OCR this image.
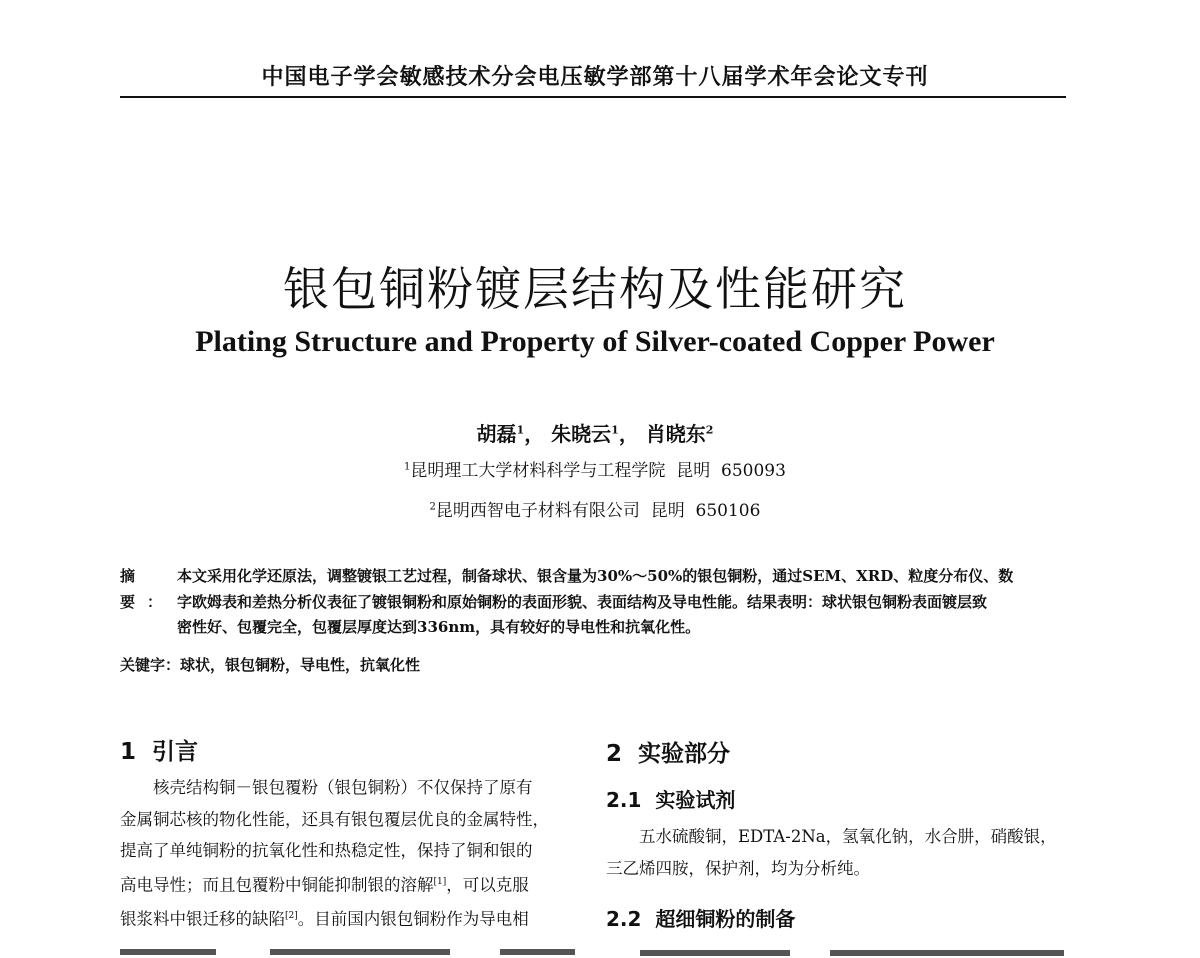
中国电子学会敏感技术分会电压敏学部第十八届学术年会论文专刊
银包铜粉镀层结构及性能研究
Plating Structure and Property of Silver-coated Copper Power
胡磊$^1$， 朱晓云$^1$， 肖晓东$^2$
$^1$昆明理工大学材料科学与工程学院  昆明  650093
$^2$昆明西智电子材料有限公司  昆明  650106
摘 要：
本文采用化学还原法，调整镀银工艺过程，制备球状、银含量为30%～50%的银包铜粉，通过SEM、XRD、粒度分布仪、数
字欧姆表和差热分析仪表征了镀银铜粉和原始铜粉的表面形貌、表面结构及导电性能。结果表明：球状银包铜粉表面镀层致
密性好、包覆完全，包覆层厚度达到336nm，具有较好的导电性和抗氧化性。
关键字：球状，银包铜粉，导电性，抗氧化性
1  引言
核壳结构铜－银包覆粉（银包铜粉）不仅保持了原有
金属铜芯核的物化性能，还具有银包覆层优良的金属特性，
提高了单纯铜粉的抗氧化性和热稳定性，保持了铜和银的
高电导性；而且包覆粉中铜能抑制银的溶解[1]，可以克服
银浆料中银迁移的缺陷[2]。目前国内银包铜粉作为导电相
2  实验部分
2.1  实验试剂
五水硫酸铜，EDTA-2Na，氢氧化钠，水合肼，硝酸银，
三乙烯四胺，保护剂，均为分析纯。
2.2  超细铜粉的制备
